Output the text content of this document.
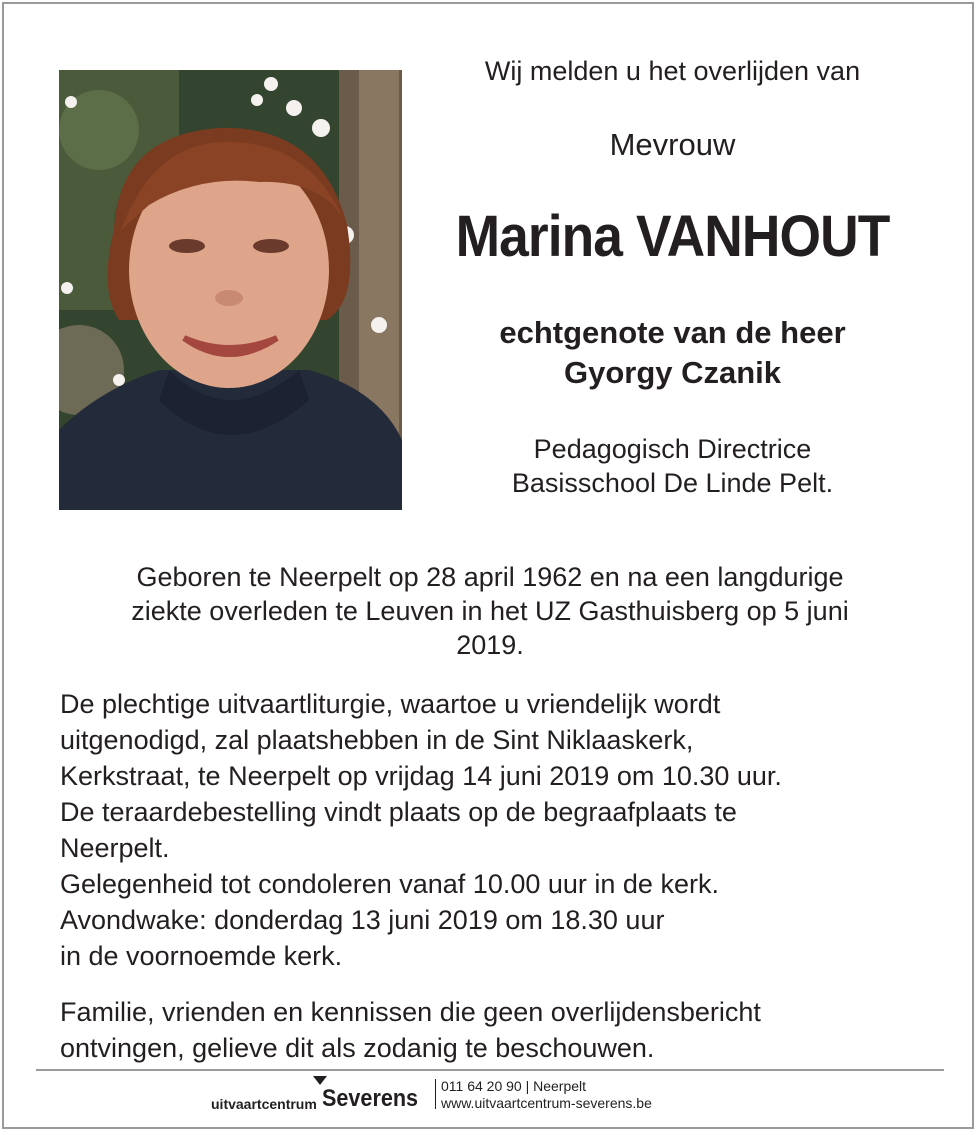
Wij melden u het overlijden van
Mevrouw
Marina VANHOUT
echtgenote van de heer
Gyorgy Czanik
Pedagogisch Directrice
Basisschool De Linde Pelt.
Geboren te Neerpelt op 28 april 1962 en na een langdurige
ziekte overleden te Leuven in het UZ Gasthuisberg op 5 juni
2019.
De plechtige uitvaartliturgie, waartoe u vriendelijk wordt
uitgenodigd, zal plaatshebben in de Sint Niklaaskerk,
Kerkstraat, te Neerpelt op vrijdag 14 juni 2019 om 10.30 uur.
De teraardebestelling vindt plaats op de begraafplaats te
Neerpelt.
Gelegenheid tot condoleren vanaf 10.00 uur in de kerk.
Avondwake: donderdag 13 juni 2019 om 18.30 uur
in de voornoemde kerk.
Familie, vrienden en kennissen die geen overlijdensbericht
ontvingen, gelieve dit als zodanig te beschouwen.
uitvaartcentrum Severens 011 64 20 90 | Neerpelt
www.uitvaartcentrum-severens.be
